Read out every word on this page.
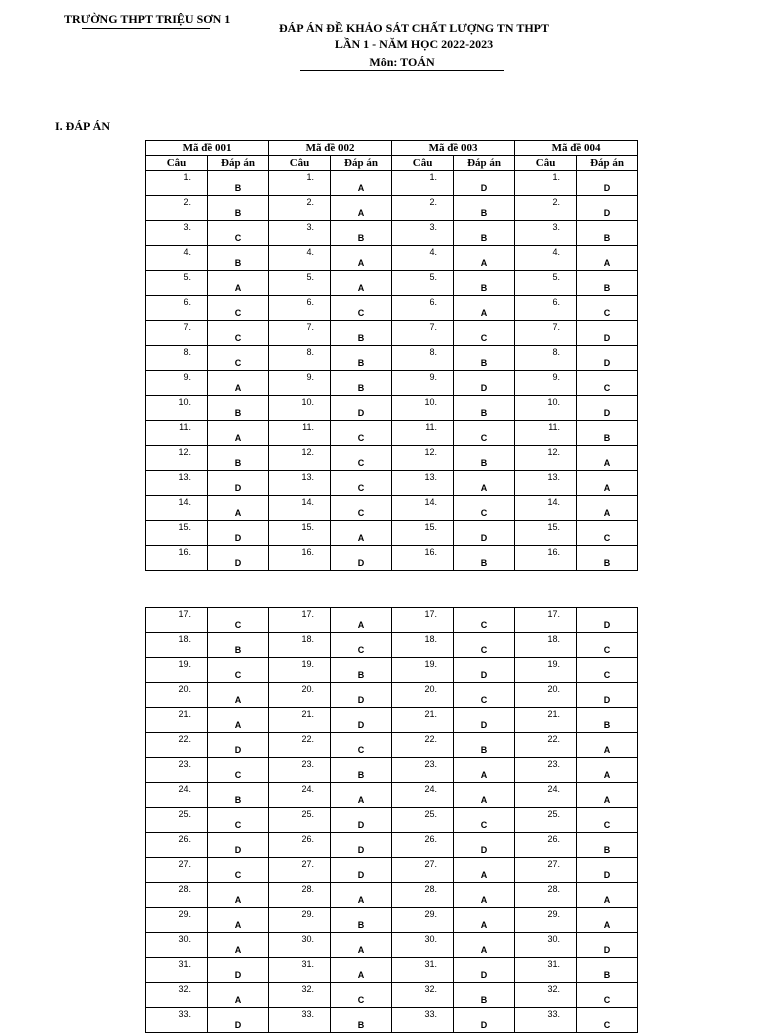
TRƯỜNG THPT TRIỆU SƠN 1
ĐÁP ÁN ĐỀ KHẢO SÁT CHẤT LƯỢNG TN THPT
LẦN 1 - NĂM HỌC 2022-2023
Môn: TOÁN
I. ĐÁP ÁN
Mã đề 001		Mã đề 002		Mã đề 003		Mã đề 004	
Câu	Đáp án	Câu	Đáp án	Câu	Đáp án	Câu	Đáp án

1.	B	1.	A	1.	D	1.	D

2.	B	2.	A	2.	B	2.	D

3.	C	3.	B	3.	B	3.	B

4.	B	4.	A	4.	A	4.	A

5.	A	5.	A	5.	B	5.	B

6.	C	6.	C	6.	A	6.	C

7.	C	7.	B	7.	C	7.	D

8.	C	8.	B	8.	B	8.	D

9.	A	9.	B	9.	D	9.	C

10.	B	10.	D	10.	B	10.	D

11.	A	11.	C	11.	C	11.	B

12.	B	12.	C	12.	B	12.	A

13.	D	13.	C	13.	A	13.	A

14.	A	14.	C	14.	C	14.	A

15.	D	15.	A	15.	D	15.	C

16.	D	16.	D	16.	B	16.	B
17.	C	17.	A	17.	C	17.	D

18.	B	18.	C	18.	C	18.	C

19.	C	19.	B	19.	D	19.	C

20.	A	20.	D	20.	C	20.	D

21.	A	21.	D	21.	D	21.	B

22.	D	22.	C	22.	B	22.	A

23.	C	23.	B	23.	A	23.	A

24.	B	24.	A	24.	A	24.	A

25.	C	25.	D	25.	C	25.	C

26.	D	26.	D	26.	D	26.	B

27.	C	27.	D	27.	A	27.	D

28.	A	28.	A	28.	A	28.	A

29.	A	29.	B	29.	A	29.	A

30.	A	30.	A	30.	A	30.	D

31.	D	31.	A	31.	D	31.	B

32.	A	32.	C	32.	B	32.	C

33.	D	33.	B	33.	D	33.	C
